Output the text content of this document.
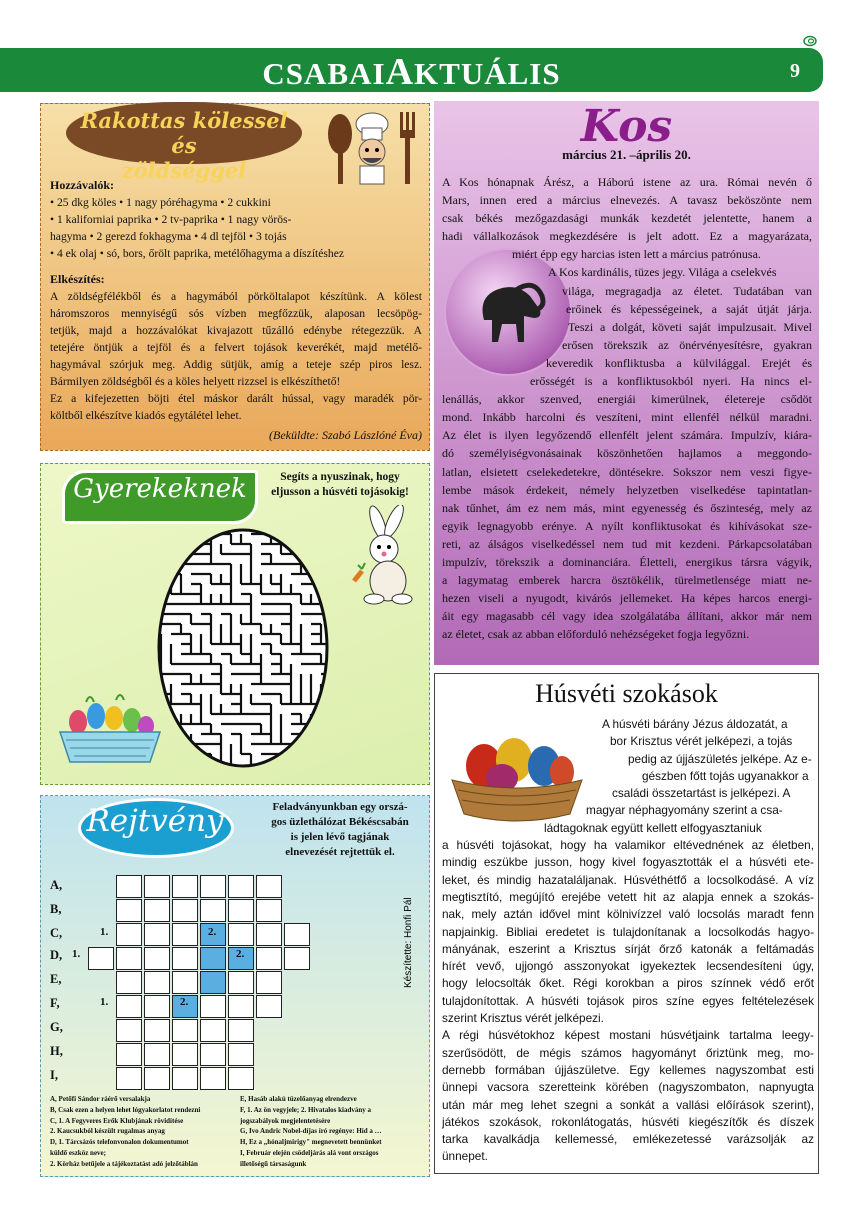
CSABAIAKTUÁLIS	9
Rakottas kölessel és
zöldséggel
Hozzávalók:
• 25 dkg köles • 1 nagy póréhagyma • 2 cukkini
• 1 kaliforniai paprika • 2 tv-paprika • 1 nagy vörös-
hagyma • 2 gerezd fokhagyma • 4 dl tejföl • 3 tojás
• 4 ek olaj • só, bors, őrölt paprika, metélőhagyma a díszítéshez
Elkészítés:
A zöldségfélékből és a hagymából pörköltalapot készítünk. A kölest
háromszoros mennyiségű sós vízben megfőzzük, alaposan lecsöpög-
tetjük, majd a hozzávalókat kivajazott tűzálló edénybe rétegezzük. A
tetejére öntjük a tejföl és a felvert tojások keverékét, majd metélő-
hagymával szórjuk meg. Addig sütjük, amíg a teteje szép piros lesz.
Bármilyen zöldségből és a köles helyett rizzsel is elkészíthető!
Ez a kifejezetten böjti étel máskor darált hússal, vagy maradék pör-
költből elkészítve kiadós egytálétel lehet.
(Beküldte: Szabó Lászlóné Éva)
Gyerekeknek	Segíts a nyuszinak, hogy
eljusson a húsvéti tojásokig!
Rejtvény	Feladványunkban egy orszá-
gos üzlethálózat Békéscsabán
is jelen lévő tagjának
elnevezését rejtettük el.
A,
B,
C,
D,
E,
F,
G,
H,
I,
1.	2.
1.	2.
1.	2.
Készítette: Honfi Pál
A, Petőfi Sándor ráérő versalakja
B, Csak ezen a helyen lehet lógyakorlatot rendezni
C, 1. A Fegyveres Erők Klubjának rövidítése
2. Kaucsukból készült rugalmas anyag
D, 1. Tárcsázós telefonvonalon dokumentumot
küldő eszköz neve;
2. Körház betűjele a tájékoztatást adó jelzőtáblán
E, Hasáb alakú tüzelőanyag elrendezve
F, 1. Az ön vegyjele; 2. Hivatalos kiadvány a
jogszabályok megjelentetésére
G, Ivo Andric Nobel-díjas író regénye: Híd a …
H, Ez a „hónaljmirigy" megnevetett bennünket
I, Február elején csödeljárás alá vont országos
illetőségű társaságunk
Kos
március 21. –április 20.
A Kos hónapnak Árész, a Háború istene az ura. Római nevén ő
Mars, innen ered a március elnevezés. A tavasz beköszönte nem
csak békés mezőgazdasági munkák kezdetét jelentette, hanem a
hadi vállalkozások megkezdésére is jelt adott. Ez a magyarázata,
miért épp egy harcias isten lett a március patrónusa.
A Kos kardinális, tüzes jegy. Világa a cselekvés
világa, megragadja az életet. Tudatában van
erőinek és képességeinek, a saját útját járja.
Teszi a dolgát, követi saját impulzusait. Mivel
erősen törekszik az önérvényesítésre, gyakran
keveredik konfliktusba a külvilággal. Erejét és
erősségét is a konfliktusokból nyeri. Ha nincs el-
lenállás, akkor szenved, energiái kimerülnek, életereje csődöt
mond. Inkább harcolni és veszíteni, mint ellenfél nélkül maradni.
Az élet is ilyen legyőzendő ellenfélt jelent számára. Impulzív, kiára-
dó személyiségvonásainak köszönhetően hajlamos a meggondo-
latlan, elsietett cselekedetekre, döntésekre. Sokszor nem veszi figye-
lembe mások érdekeit, némely helyzetben viselkedése tapintatlan-
nak tűnhet, ám ez nem más, mint egyenesség és őszinteség, mely az
egyik legnagyobb erénye. A nyílt konfliktusokat és kihívásokat sze-
reti, az álságos viselkedéssel nem tud mit kezdeni. Párkapcsolatában
impulzív, törekszik a dominanciára. Életteli, energikus társra vágyik,
a lagymatag emberek harcra ösztökélik, türelmetlensége miatt ne-
hezen viseli a nyugodt, kivárós jellemeket. Ha képes harcos energi-
áit egy magasabb cél vagy idea szolgálatába állítani, akkor már nem
az életet, csak az abban előforduló nehézségeket fogja legyőzni.
Húsvéti szokások
A húsvéti bárány Jézus áldozatát, a
bor Krisztus vérét jelképezi, a tojás
pedig az újjászületés jelképe. Az e-
gészben főtt tojás ugyanakkor a
családi összetartást is jelképezi. A
magyar néphagyomány szerint a csa-
ládtagoknak együtt kellett elfogyasztaniuk
a húsvéti tojásokat, hogy ha valamikor eltévednének az életben,
mindig eszükbe jusson, hogy kivel fogyasztották el a húsvéti ete-
leket, és mindig hazataláljanak. Húsvéthétfő a locsolkodásé. A víz
megtisztító, megújító erejébe vetett hit az alapja ennek a szokás-
nak, mely aztán idővel mint kölnivízzel való locsolás maradt fenn
napjainkig. Bibliai eredetet is tulajdonítanak a locsolkodás hagyo-
mányának, eszerint a Krisztus sírját őrző katonák a feltámadás
hírét vevő, ujjongó asszonyokat igyekeztek lecsendesíteni úgy,
hogy lelocsolták őket. Régi korokban a piros színnek védő erőt
tulajdonítottak. A húsvéti tojások piros színe egyes feltételezések
szerint Krisztus vérét jelképezi.
A régi húsvétokhoz képest mostani húsvétjaink tartalma leegy-
szerűsödött, de mégis számos hagyományt őriztünk meg, mo-
dernebb formában újjászületve. Egy kellemes nagyszombat esti
ünnepi vacsora szeretteink körében (nagyszombaton, napnyugta
után már meg lehet szegni a sonkát a vallási előírások szerint),
játékos szokások, rokonlátogatás, húsvéti kiegészítők és díszek
tarka kavalkádja kellemessé, emlékezetessé varázsolják az
ünnepet.
